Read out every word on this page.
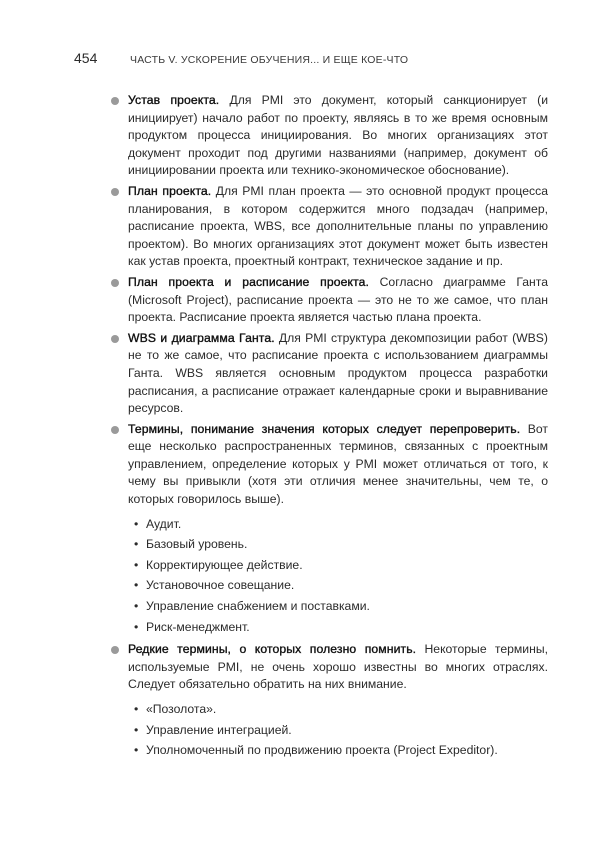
454	ЧАСТЬ V. УСКОРЕНИЕ ОБУЧЕНИЯ... И ЕЩЕ КОЕ-ЧТО
Устав проекта. Для PMI это документ, который санкционирует (и инициирует) начало работ по проекту, являясь в то же время основным продуктом процесса инициирования. Во многих организациях этот документ проходит под другими названиями (например, документ об инициировании проекта или технико-экономическое обоснование).
План проекта. Для PMI план проекта — это основной продукт процесса планирования, в котором содержится много подзадач (например, расписание проекта, WBS, все дополнительные планы по управлению проектом). Во многих организациях этот документ может быть известен как устав проекта, проектный контракт, техническое задание и пр.
План проекта и расписание проекта. Согласно диаграмме Ганта (Microsoft Project), расписание проекта — это не то же самое, что план проекта. Расписание проекта является частью плана проекта.
WBS и диаграмма Ганта. Для PMI структура декомпозиции работ (WBS) не то же самое, что расписание проекта с использованием диаграммы Ганта. WBS является основным продуктом процесса разработки расписания, а расписание отражает календарные сроки и выравнивание ресурсов.
Термины, понимание значения которых следует перепроверить. Вот еще несколько распространенных терминов, связанных с проектным управлением, определение которых у PMI может отличаться от того, к чему вы привыкли (хотя эти отличия менее значительны, чем те, о которых говорилось выше).
• Аудит.
• Базовый уровень.
• Корректирующее действие.
• Установочное совещание.
• Управление снабжением и поставками.
• Риск-менеджмент.
Редкие термины, о которых полезно помнить. Некоторые термины, используемые PMI, не очень хорошо известны во многих отраслях. Следует обязательно обратить на них внимание.
• «Позолота».
• Управление интеграцией.
• Уполномоченный по продвижению проекта (Project Expeditor).
